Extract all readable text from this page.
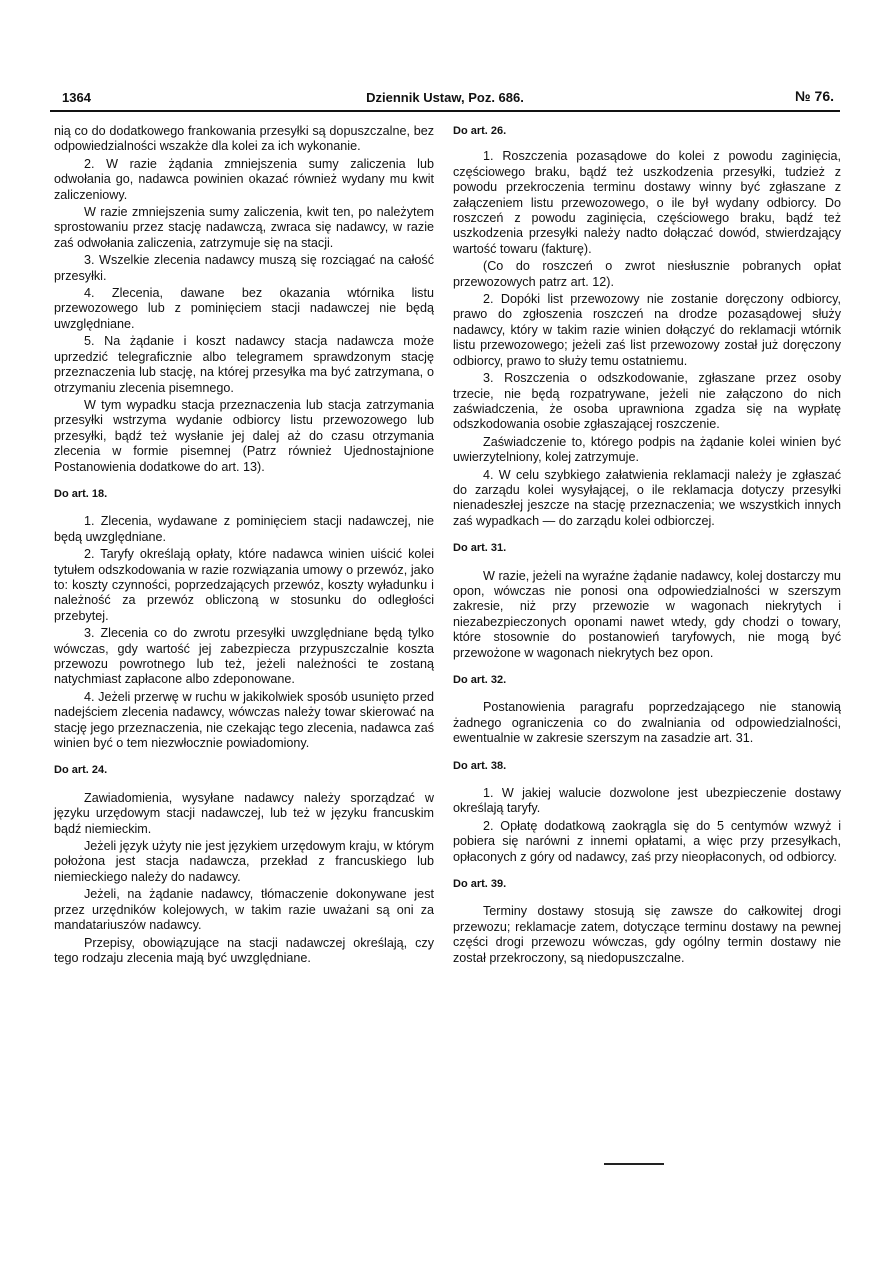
1364	Dziennik Ustaw, Poz. 686.	№ 76.

nią co do dodatkowego frankowania przesyłki są dopuszczalne, bez odpowiedzialności wszakże dla kolei za ich wykonanie.

2. W razie żądania zmniejszenia sumy zaliczenia lub odwołania go, nadawca powinien okazać również wydany mu kwit zaliczeniowy.

W razie zmniejszenia sumy zaliczenia, kwit ten, po należytem sprostowaniu przez stację nadawczą, zwraca się nadawcy, w razie zaś odwołania zaliczenia, zatrzymuje się na stacji.

3. Wszelkie zlecenia nadawcy muszą się rozciągać na całość przesyłki.

4. Zlecenia, dawane bez okazania wtórnika listu przewozowego lub z pominięciem stacji nadawczej nie będą uwzględniane.

5. Na żądanie i koszt nadawcy stacja nadawcza może uprzedzić telegraficznie albo telegramem sprawdzonym stację przeznaczenia lub stację, na której przesyłka ma być zatrzymana, o otrzymaniu zlecenia pisemnego.

W tym wypadku stacja przeznaczenia lub stacja zatrzymania przesyłki wstrzyma wydanie odbiorcy listu przewozowego lub przesyłki, bądź też wysłanie jej dalej aż do czasu otrzymania zlecenia w formie pisemnej (Patrz również Ujednostajnione Postanowienia dodatkowe do art. 13).

Do art. 18.

1. Zlecenia, wydawane z pominięciem stacji nadawczej, nie będą uwzględniane.

2. Taryfy określają opłaty, które nadawca winien uiścić kolei tytułem odszkodowania w razie rozwiązania umowy o przewóz, jako to: koszty czynności, poprzedzających przewóz, koszty wyładunku i należność za przewóz obliczoną w stosunku do odległości przebytej.

3. Zlecenia co do zwrotu przesyłki uwzględniane będą tylko wówczas, gdy wartość jej zabezpiecza przypuszczalnie koszta przewozu powrotnego lub też, jeżeli należności te zostaną natychmiast zapłacone albo zdeponowane.

4. Jeżeli przerwę w ruchu w jakikolwiek sposób usunięto przed nadejściem zlecenia nadawcy, wówczas należy towar skierować na stację jego przeznaczenia, nie czekając tego zlecenia, nadawca zaś winien być o tem niezwłocznie powiadomiony.

Do art. 24.

Zawiadomienia, wysyłane nadawcy należy sporządzać w języku urzędowym stacji nadawczej, lub też w języku francuskim bądź niemieckim.

Jeżeli język użyty nie jest językiem urzędowym kraju, w którym położona jest stacja nadawcza, przekład z francuskiego lub niemieckiego należy do nadawcy.

Jeżeli, na żądanie nadawcy, tłómaczenie dokonywane jest przez urzędników kolejowych, w takim razie uważani są oni za mandatariuszów nadawcy.

Przepisy, obowiązujące na stacji nadawczej określają, czy tego rodzaju zlecenia mają być uwzględniane.

Do art. 26.

1. Roszczenia pozasądowe do kolei z powodu zaginięcia, częściowego braku, bądź też uszkodzenia przesyłki, tudzież z powodu przekroczenia terminu dostawy winny być zgłaszane z załączeniem listu przewozowego, o ile był wydany odbiorcy. Do roszczeń z powodu zaginięcia, częściowego braku, bądź też uszkodzenia przesyłki należy nadto dołączać dowód, stwierdzający wartość towaru (fakturę).

(Co do roszczeń o zwrot niesłusznie pobranych opłat przewozowych patrz art. 12).

2. Dopóki list przewozowy nie zostanie doręczony odbiorcy, prawo do zgłoszenia roszczeń na drodze pozasądowej służy nadawcy, który w takim razie winien dołączyć do reklamacji wtórnik listu przewozowego; jeżeli zaś list przewozowy został już doręczony odbiorcy, prawo to służy temu ostatniemu.

3. Roszczenia o odszkodowanie, zgłaszane przez osoby trzecie, nie będą rozpatrywane, jeżeli nie załączono do nich zaświadczenia, że osoba uprawniona zgadza się na wypłatę odszkodowania osobie zgłaszającej roszczenie.

Zaświadczenie to, którego podpis na żądanie kolei winien być uwierzytelniony, kolej zatrzymuje.

4. W celu szybkiego załatwienia reklamacji należy je zgłaszać do zarządu kolei wysyłającej, o ile reklamacja dotyczy przesyłki nienadeszłej jeszcze na stację przeznaczenia; we wszystkich innych zaś wypadkach — do zarządu kolei odbiorczej.

Do art. 31.

W razie, jeżeli na wyraźne żądanie nadawcy, kolej dostarczy mu opon, wówczas nie ponosi ona odpowiedzialności w szerszym zakresie, niż przy przewozie w wagonach niekrytych i niezabezpieczonych oponami nawet wtedy, gdy chodzi o towary, które stosownie do postanowień taryfowych, nie mogą być przewożone w wagonach niekrytych bez opon.

Do art. 32.

Postanowienia paragrafu poprzedzającego nie stanowią żadnego ograniczenia co do zwalniania od odpowiedzialności, ewentualnie w zakresie szerszym na zasadzie art. 31.

Do art. 38.

1. W jakiej walucie dozwolone jest ubezpieczenie dostawy określają taryfy.

2. Opłatę dodatkową zaokrągla się do 5 centymów wzwyż i pobiera się narówni z innemi opłatami, a więc przy przesyłkach, opłaconych z góry od nadawcy, zaś przy nieopłaconych, od odbiorcy.

Do art. 39.

Terminy dostawy stosują się zawsze do całkowitej drogi przewozu; reklamacje zatem, dotyczące terminu dostawy na pewnej części drogi przewozu wówczas, gdy ogólny termin dostawy nie został przekroczony, są niedopuszczalne.
